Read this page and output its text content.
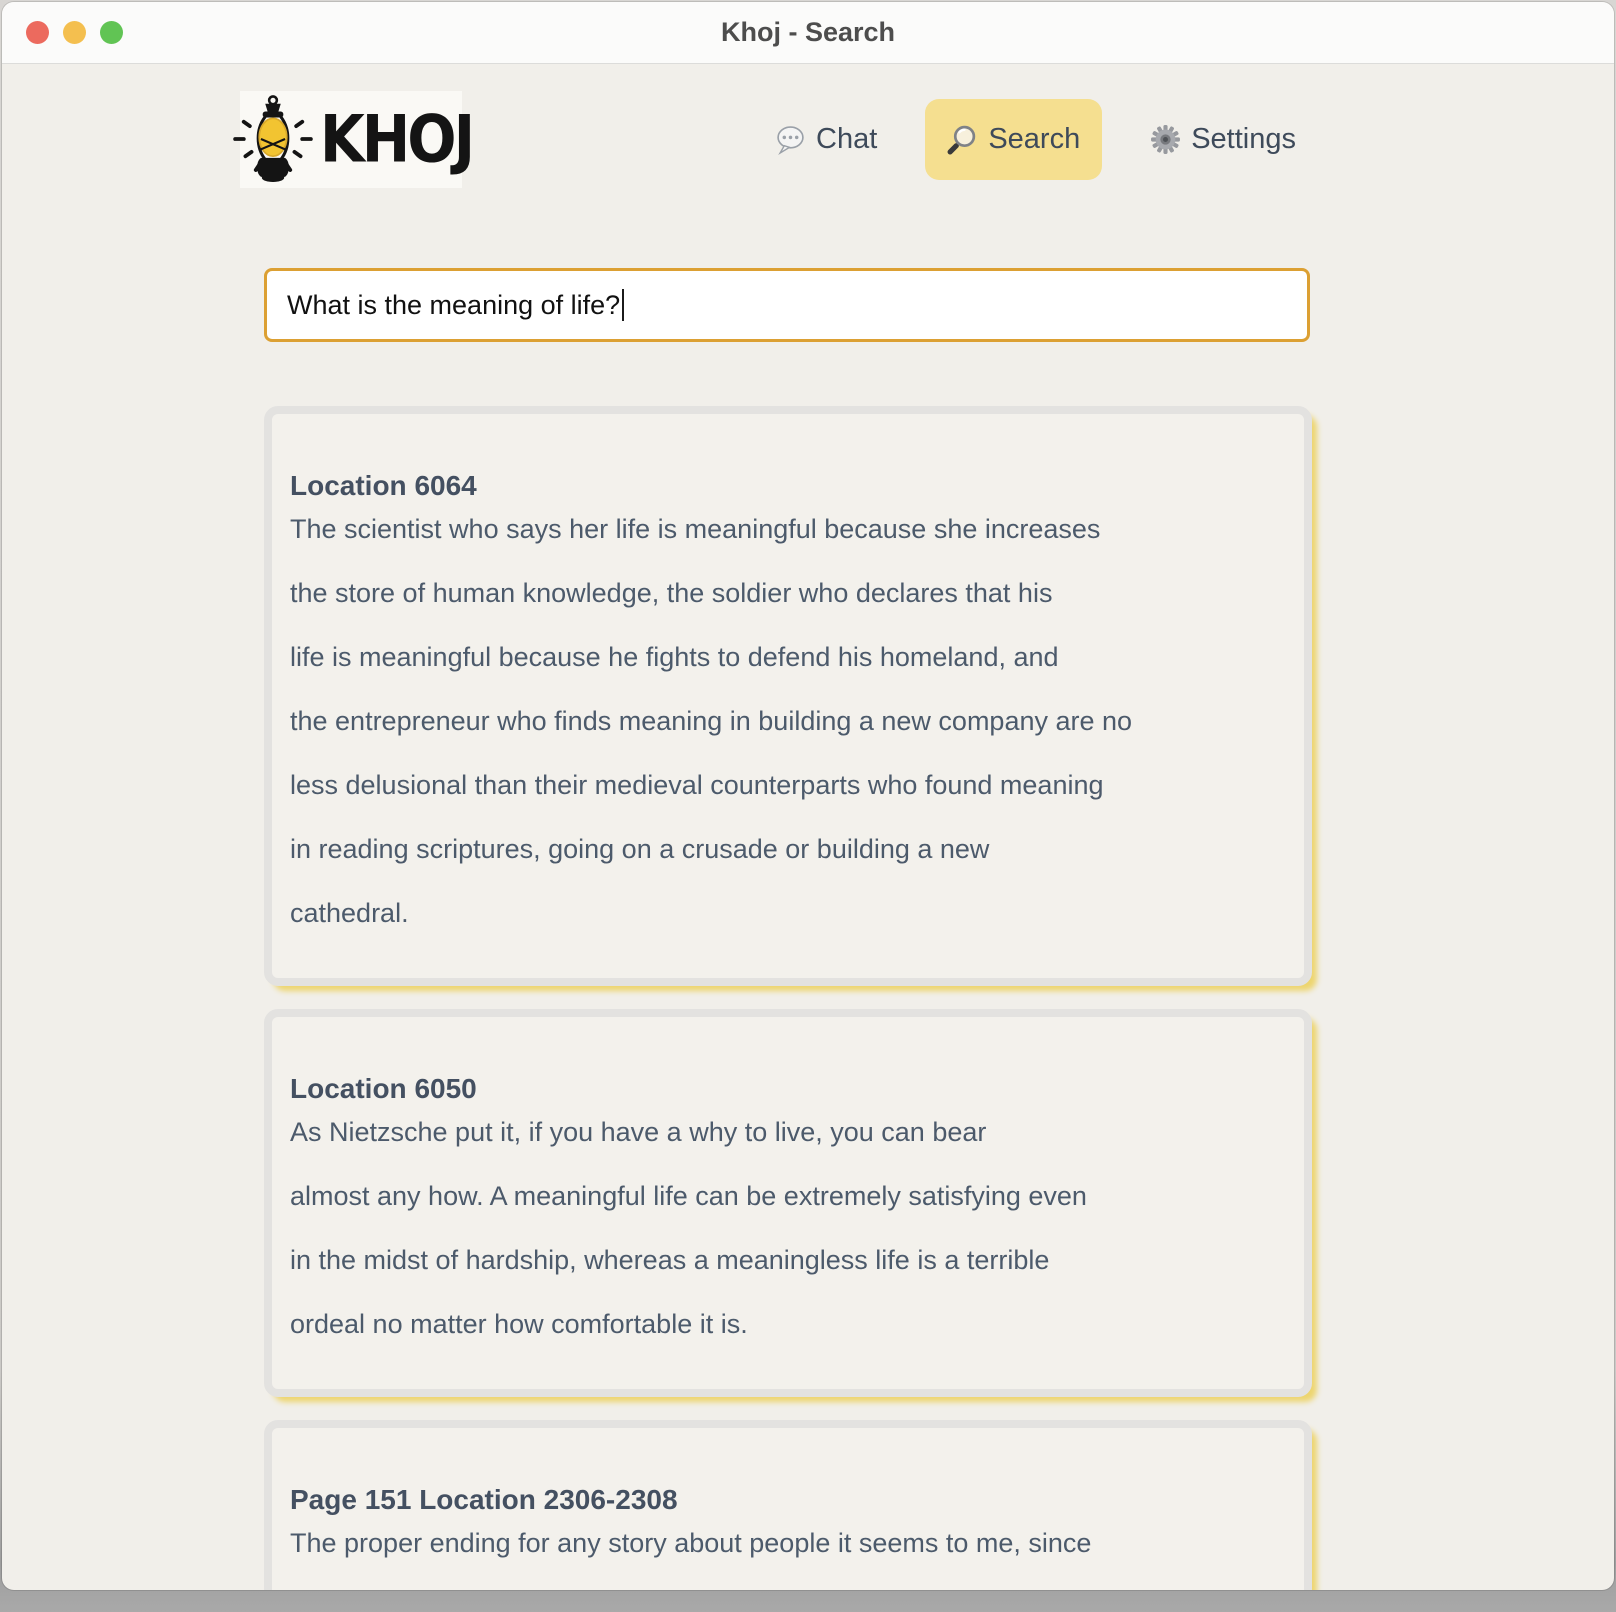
Khoj - Search
KHOJ	Chat	Search	Settings
What is the meaning of life?
Location 6064

The scientist who says her life is meaningful because she increases

the store of human knowledge, the soldier who declares that his

life is meaningful because he fights to defend his homeland, and

the entrepreneur who finds meaning in building a new company are no

less delusional than their medieval counterparts who found meaning

in reading scriptures, going on a crusade or building a new

cathedral.

Location 6050

As Nietzsche put it, if you have a why to live, you can bear

almost any how. A meaningful life can be extremely satisfying even

in the midst of hardship, whereas a meaningless life is a terrible

ordeal no matter how comfortable it is.

Page 151 Location 2306-2308

The proper ending for any story about people it seems to me, since
